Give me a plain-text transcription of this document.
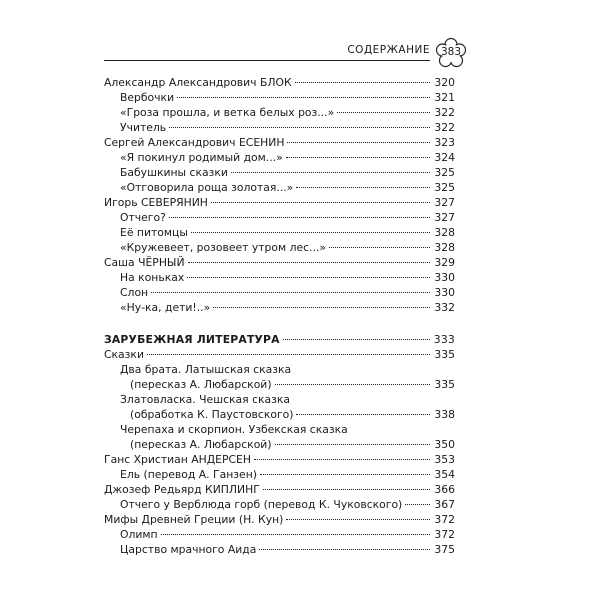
СОДЕРЖАНИЕ	383
Александр Александрович БЛОК	320
Вербочки	321
«Гроза прошла, и ветка белых роз...»	322
Учитель	322
Сергей Александрович ЕСЕНИН	323
«Я покинул родимый дом...»	324
Бабушкины сказки	325
«Отговорила роща золотая...»	325
Игорь СЕВЕРЯНИН	327
Отчего?	327
Её питомцы	328
«Кружевеет, розовеет утром лес...»	328
Саша ЧЁРНЫЙ	329
На коньках	330
Слон	330
«Ну-ка, дети!..»	332
ЗАРУБЕЖНАЯ ЛИТЕРАТУРА	333
Сказки	335
Два брата. Латышская сказка
(пересказ А. Любарской)	335
Златовласка. Чешская сказка
(обработка К. Паустовского)	338
Черепаха и скорпион. Узбекская сказка
(пересказ А. Любарской)	350
Ганс Христиан АНДЕРСЕН	353
Ель (перевод А. Ганзен)	354
Джозеф Редьярд КИПЛИНГ	366
Отчего у Верблюда горб (перевод К. Чуковского)	367
Мифы Древней Греции (Н. Кун)	372
Олимп	372
Царство мрачного Аида	375
